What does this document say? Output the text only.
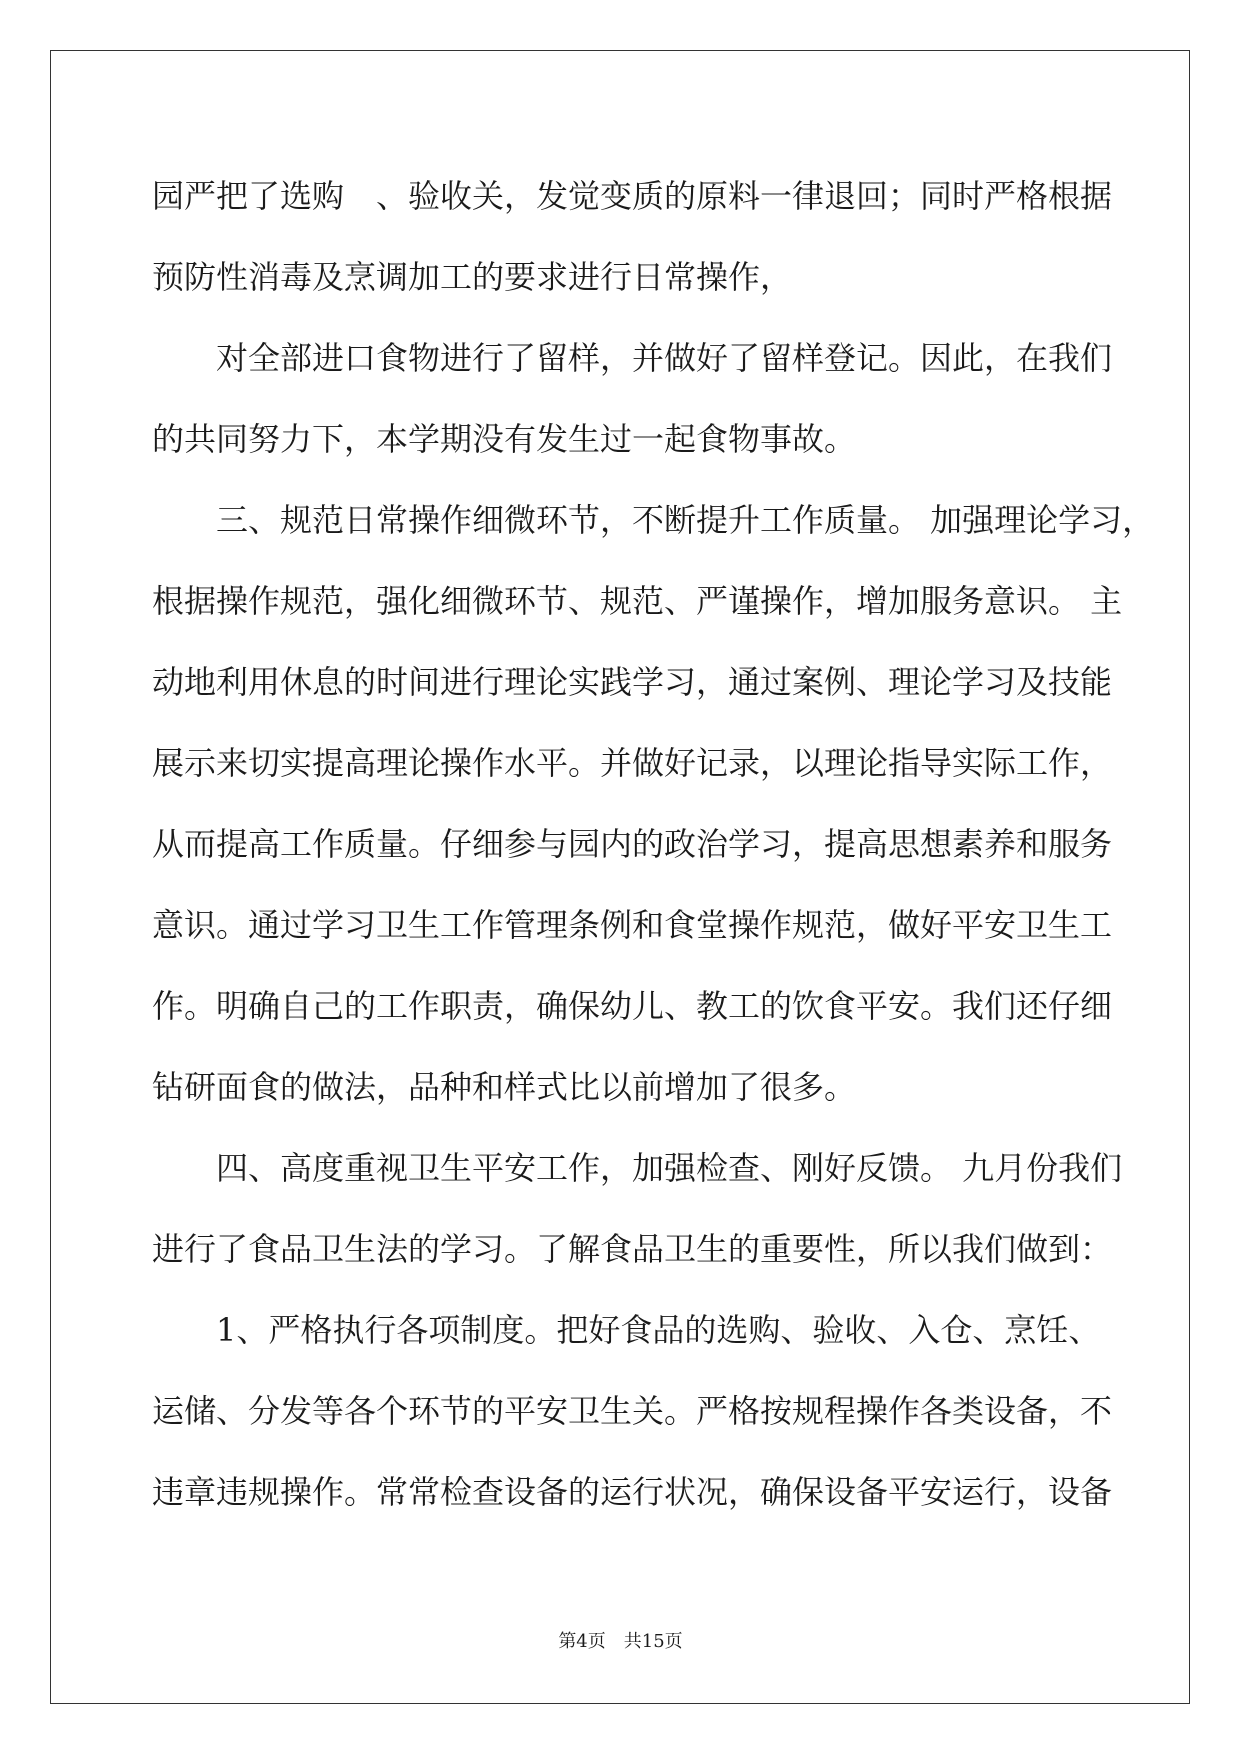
园严把了选购　、验收关，发觉变质的原料一律退回；同时严格根据
预防性消毒及烹调加工的要求进行日常操作，
对全部进口食物进行了留样，并做好了留样登记。因此，在我们
的共同努力下，本学期没有发生过一起食物事故。
三、规范日常操作细微环节，不断提升工作质量。 加强理论学习，
根据操作规范，强化细微环节、规范、严谨操作，增加服务意识。 主
动地利用休息的时间进行理论实践学习，通过案例、理论学习及技能
展示来切实提高理论操作水平。并做好记录，以理论指导实际工作，
从而提高工作质量。仔细参与园内的政治学习，提高思想素养和服务
意识。通过学习卫生工作管理条例和食堂操作规范，做好平安卫生工
作。明确自己的工作职责，确保幼儿、教工的饮食平安。我们还仔细
钻研面食的做法，品种和样式比以前增加了很多。
四、高度重视卫生平安工作，加强检查、刚好反馈。 九月份我们
进行了食品卫生法的学习。了解食品卫生的重要性，所以我们做到：
1、严格执行各项制度。把好食品的选购、验收、入仓、烹饪、
运储、分发等各个环节的平安卫生关。严格按规程操作各类设备，不
违章违规操作。常常检查设备的运行状况，确保设备平安运行，设备
第4页 共15页
